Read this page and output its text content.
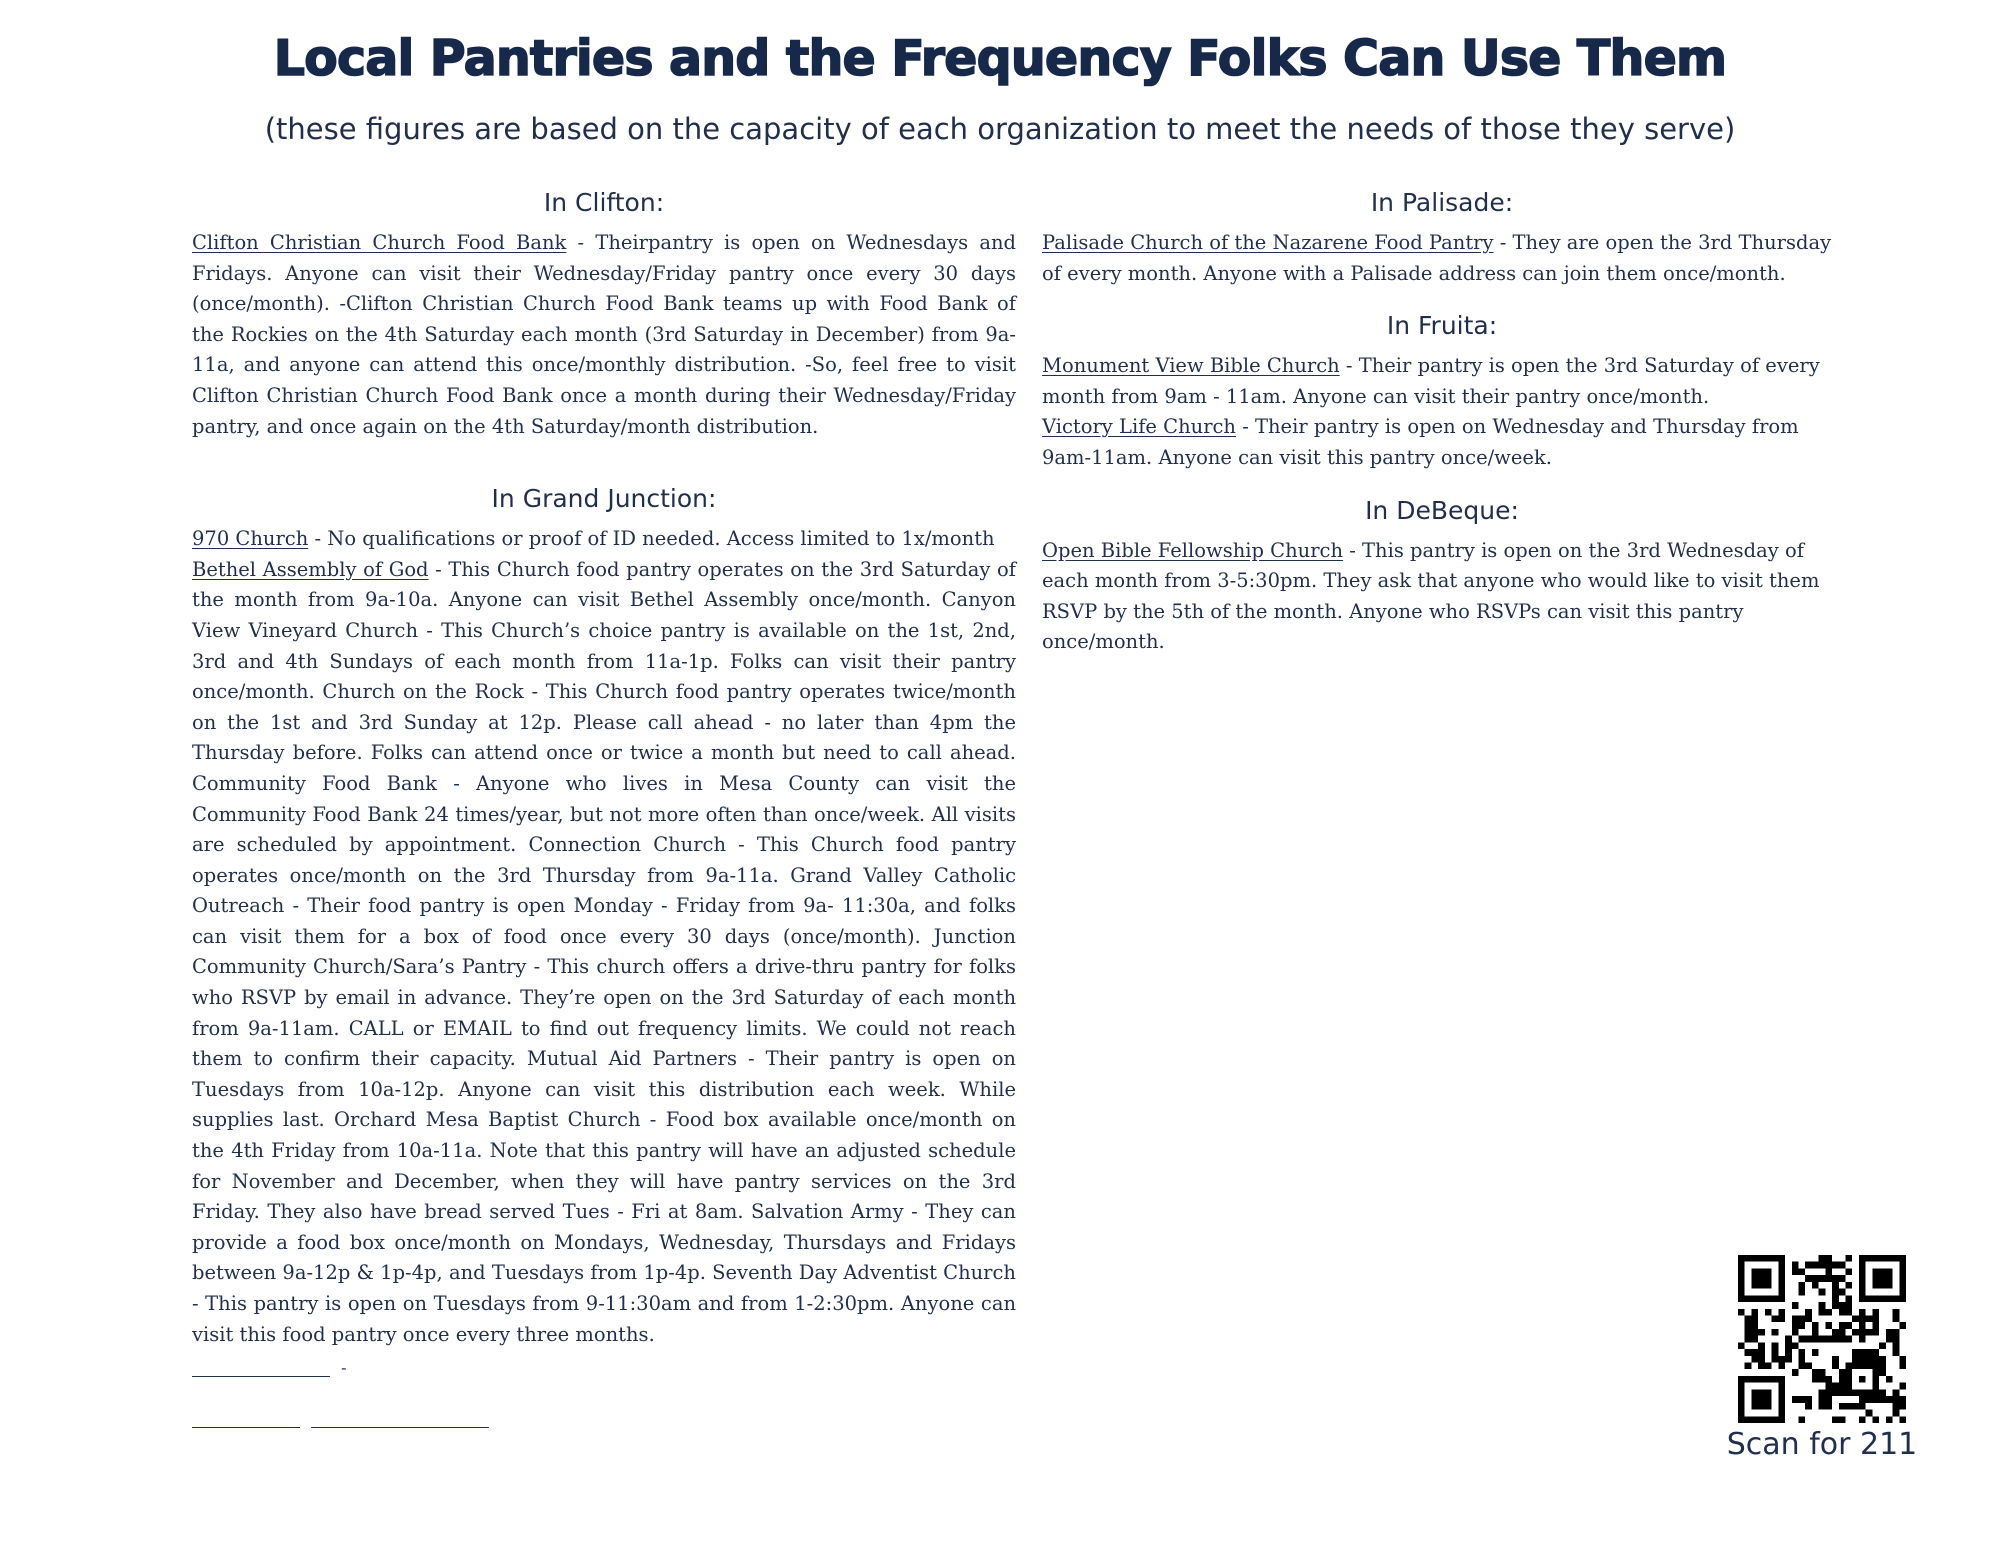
Local Pantries and the Frequency Folks Can Use Them
(these figures are based on the capacity of each organization to meet the needs of those they serve)
In Clifton:

Clifton Christian Church Food Bank - Theirpantry is open on Wednesdays and Fridays. Anyone can visit their Wednesday/Friday pantry once every 30 days (once/month). -Clifton Christian Church Food Bank teams up with Food Bank of the Rockies on the 4th Saturday each month (3rd Saturday in December) from 9a-11a, and anyone can attend this once/monthly distribution. -So, feel free to visit Clifton Christian Church Food Bank once a month during their Wednesday/Friday pantry, and once again on the 4th Saturday/month distribution.

In Grand Junction:

970 Church - No qualifications or proof of ID needed. Access limited to 1x/month

Bethel Assembly of God - This Church food pantry operates on the 3rd Saturday of the month from 9a-10a. Anyone can visit Bethel Assembly once/month. Canyon View Vineyard Church - This Church’s choice pantry is available on the 1st, 2nd, 3rd and 4th Sundays of each month from 11a-1p. Folks can visit their pantry once/month. Church on the Rock - This Church food pantry operates twice/month on the 1st and 3rd Sunday at 12p. Please call ahead - no later than 4pm the Thursday before. Folks can attend once or twice a month but need to call ahead. Community Food Bank - Anyone who lives in Mesa County can visit the Community Food Bank 24 times/year, but not more often than once/week. All visits are scheduled by appointment. Connection Church - This Church food pantry operates once/month on the 3rd Thursday from 9a-11a. Grand Valley Catholic Outreach - Their food pantry is open Monday - Friday from 9a- 11:30a, and folks can visit them for a box of food once every 30 days (once/month). Junction Community Church/Sara’s Pantry - This church offers a drive-thru pantry for folks who RSVP by email in advance. They’re open on the 3rd Saturday of each month from 9a-11am. CALL or EMAIL to find out frequency limits. We could not reach them to confirm their capacity. Mutual Aid Partners - Their pantry is open on Tuesdays from 10a-12p. Anyone can visit this distribution each week. While supplies last. Orchard Mesa Baptist Church - Food box available once/month on the 4th Friday from 10a-11a. Note that this pantry will have an adjusted schedule for November and December, when they will have pantry services on the 3rd Friday. They also have bread served Tues - Fri at 8am. Salvation Army - They can provide a food box once/month on Mondays, Wednesday, Thursdays and Fridays between 9a-12p & 1p-4p, and Tuesdays from 1p-4p. Seventh Day Adventist Church - This pantry is open on Tuesdays from 9-11:30am and from 1-2:30pm. Anyone can visit this food pantry once every three months.

-

In Palisade:

Palisade Church of the Nazarene Food Pantry - They are open the 3rd Thursday of every month. Anyone with a Palisade address can join them once/month.

In Fruita:

Monument View Bible Church - Their pantry is open the 3rd Saturday of every month from 9am - 11am. Anyone can visit their pantry once/month.

Victory Life Church - Their pantry is open on Wednesday and Thursday from 9am-11am. Anyone can visit this pantry once/week.

In DeBeque:

Open Bible Fellowship Church - This pantry is open on the 3rd Wednesday of each month from 3-5:30pm. They ask that anyone who would like to visit them RSVP by the 5th of the month. Anyone who RSVPs can visit this pantry once/month.

Scan for 211
